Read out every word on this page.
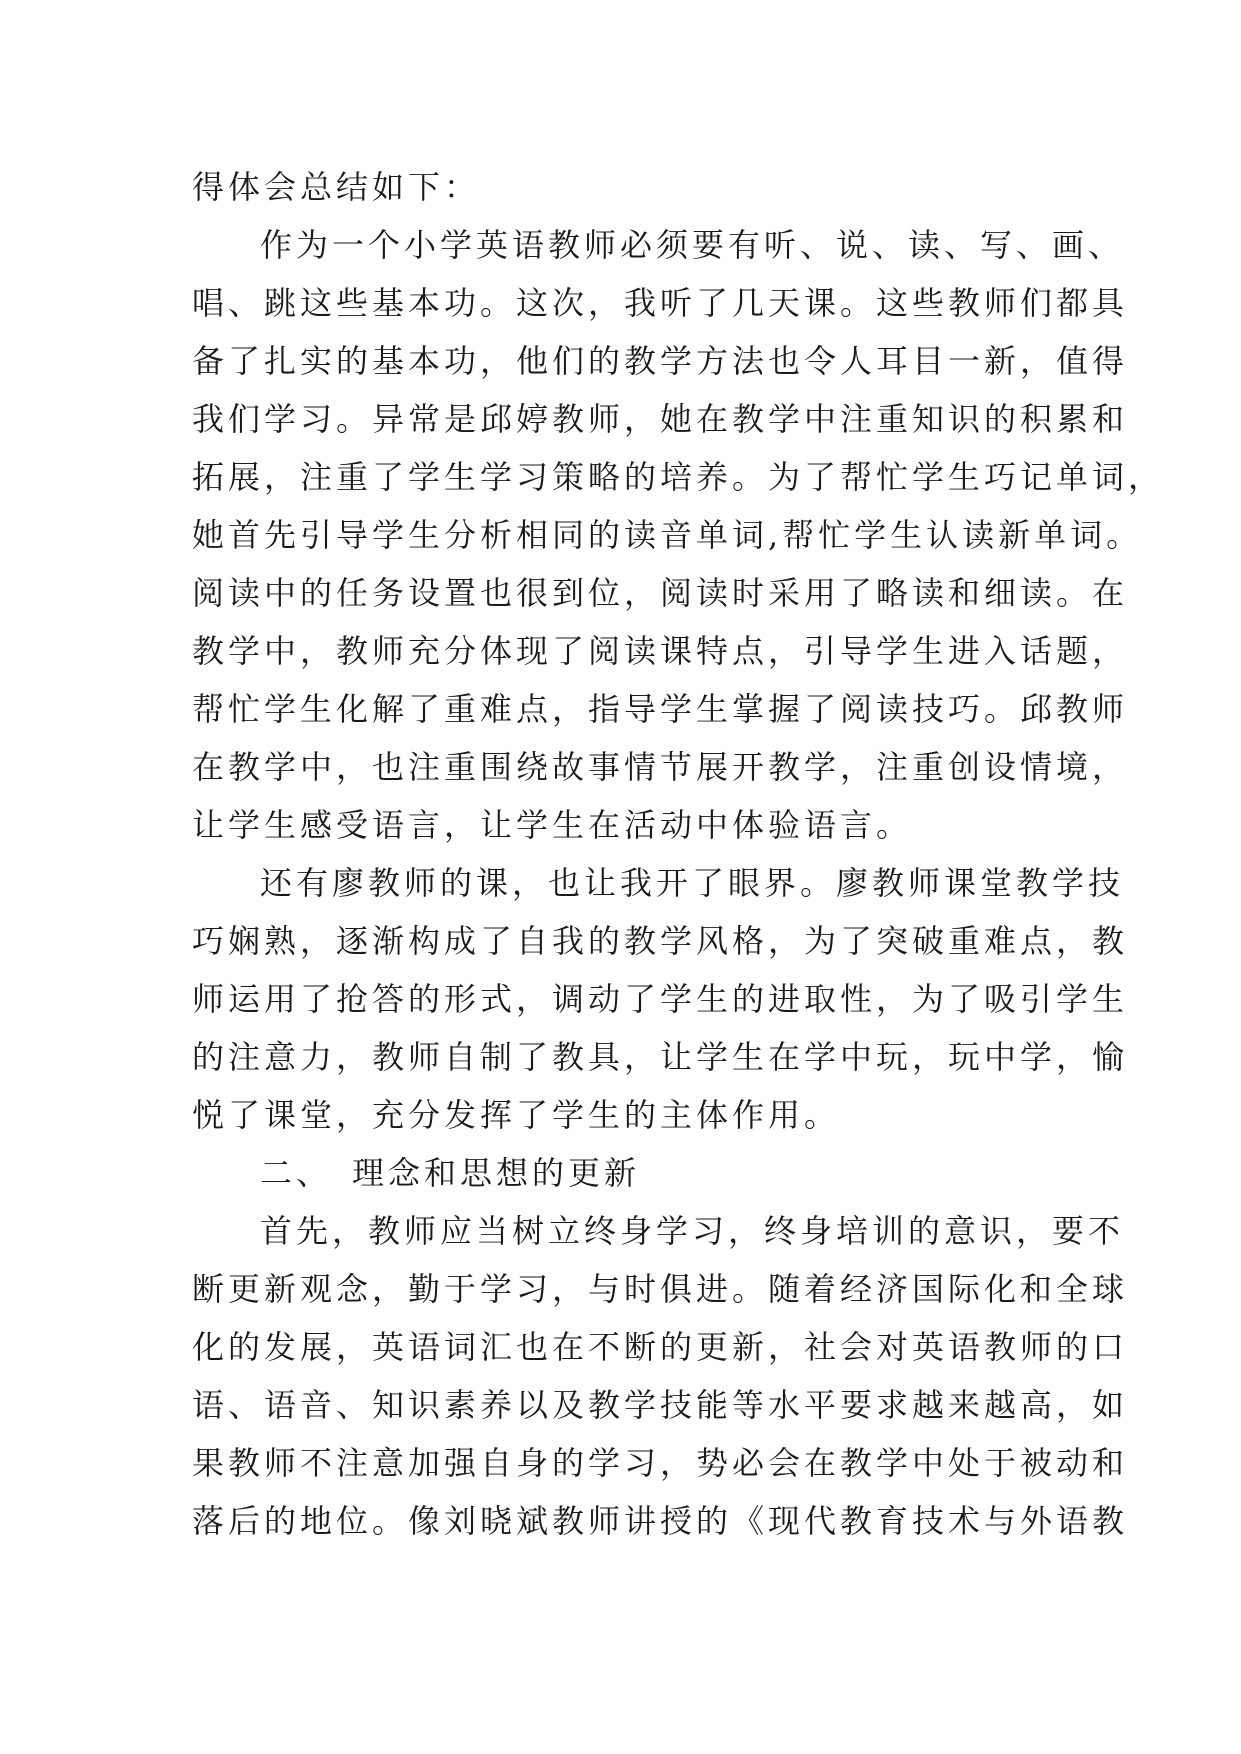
得体会总结如下：
作为一个小学英语教师必须要有听、说、读、写、画、
唱、跳这些基本功。这次，我听了几天课。这些教师们都具
备了扎实的基本功，他们的教学方法也令人耳目一新，值得
我们学习。异常是邱婷教师，她在教学中注重知识的积累和
拓展，注重了学生学习策略的培养。为了帮忙学生巧记单词，
她首先引导学生分析相同的读音单词,帮忙学生认读新单词。
阅读中的任务设置也很到位，阅读时采用了略读和细读。在
教学中，教师充分体现了阅读课特点，引导学生进入话题，
帮忙学生化解了重难点，指导学生掌握了阅读技巧。邱教师
在教学中，也注重围绕故事情节展开教学，注重创设情境，
让学生感受语言，让学生在活动中体验语言。
还有廖教师的课，也让我开了眼界。廖教师课堂教学技
巧娴熟，逐渐构成了自我的教学风格，为了突破重难点，教
师运用了抢答的形式，调动了学生的进取性，为了吸引学生
的注意力，教师自制了教具，让学生在学中玩，玩中学，愉
悦了课堂，充分发挥了学生的主体作用。
二、　理念和思想的更新
首先，教师应当树立终身学习，终身培训的意识，要不
断更新观念，勤于学习，与时俱进。随着经济国际化和全球
化的发展，英语词汇也在不断的更新，社会对英语教师的口
语、语音、知识素养以及教学技能等水平要求越来越高，如
果教师不注意加强自身的学习，势必会在教学中处于被动和
落后的地位。像刘晓斌教师讲授的《现代教育技术与外语教
